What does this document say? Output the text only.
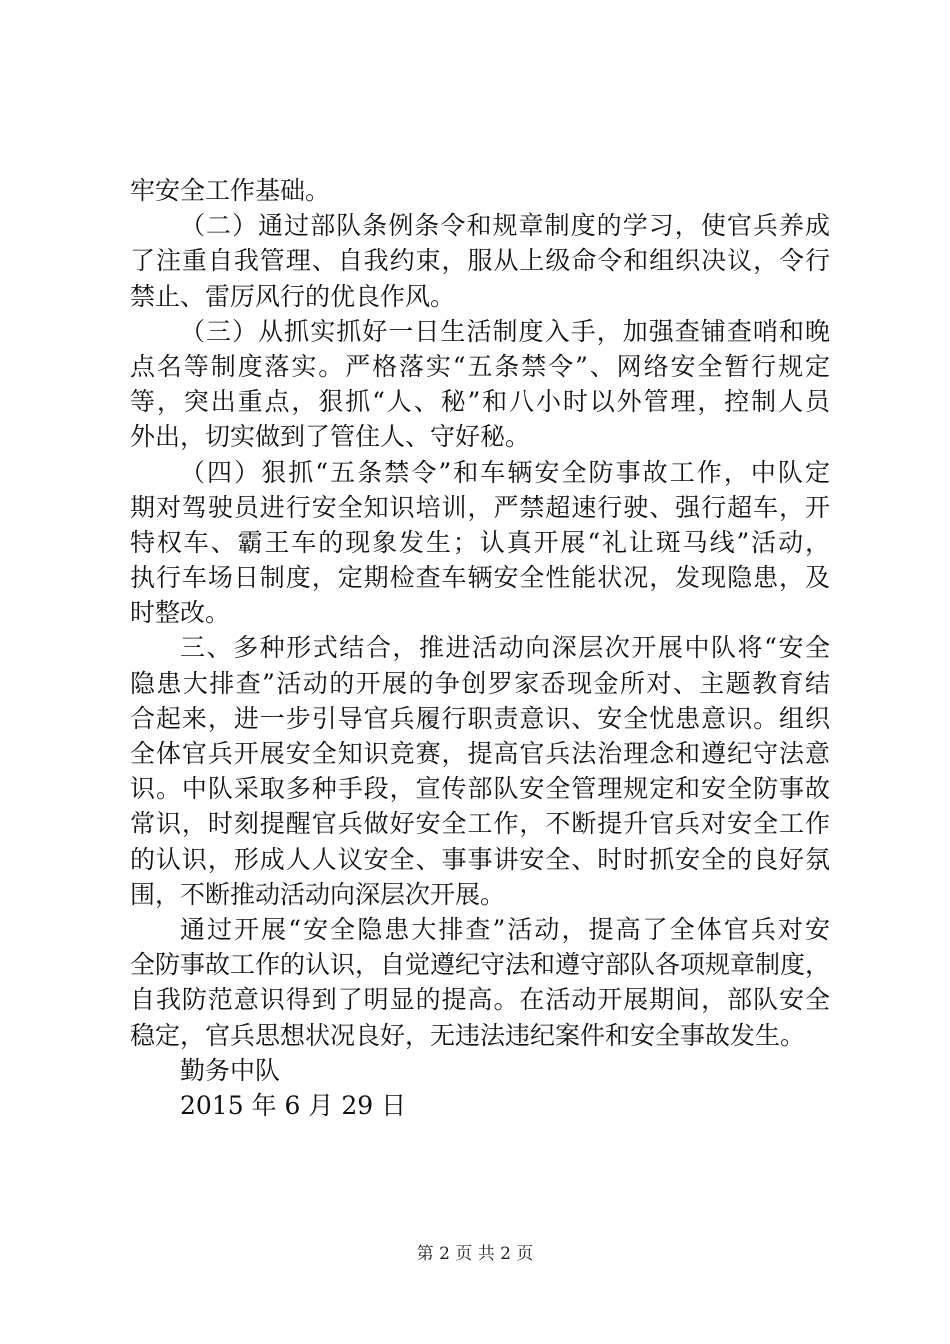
牢安全工作基础。
（二）通过部队条例条令和规章制度的学习，使官兵养成
了注重自我管理、自我约束，服从上级命令和组织决议，令行
禁止、雷厉风行的优良作风。
（三）从抓实抓好一日生活制度入手，加强查铺查哨和晚
点名等制度落实。严格落实“五条禁令”、网络安全暂行规定
等，突出重点，狠抓“人、秘”和八小时以外管理，控制人员
外出，切实做到了管住人、守好秘。
（四）狠抓“五条禁令”和车辆安全防事故工作，中队定
期对驾驶员进行安全知识培训，严禁超速行驶、强行超车，开
特权车、霸王车的现象发生；认真开展“礼让斑马线”活动，
执行车场日制度，定期检查车辆安全性能状况，发现隐患，及
时整改。
三、多种形式结合，推进活动向深层次开展中队将“安全
隐患大排查”活动的开展的争创罗家岙现金所对、主题教育结
合起来，进一步引导官兵履行职责意识、安全忧患意识。组织
全体官兵开展安全知识竞赛，提高官兵法治理念和遵纪守法意
识。中队采取多种手段，宣传部队安全管理规定和安全防事故
常识，时刻提醒官兵做好安全工作，不断提升官兵对安全工作
的认识，形成人人议安全、事事讲安全、时时抓安全的良好氛
围，不断推动活动向深层次开展。
通过开展“安全隐患大排查”活动，提高了全体官兵对安
全防事故工作的认识，自觉遵纪守法和遵守部队各项规章制度，
自我防范意识得到了明显的提高。在活动开展期间，部队安全
稳定，官兵思想状况良好，无违法违纪案件和安全事故发生。
勤务中队
2015 年 6 月 29 日
第 2 页 共 2 页
